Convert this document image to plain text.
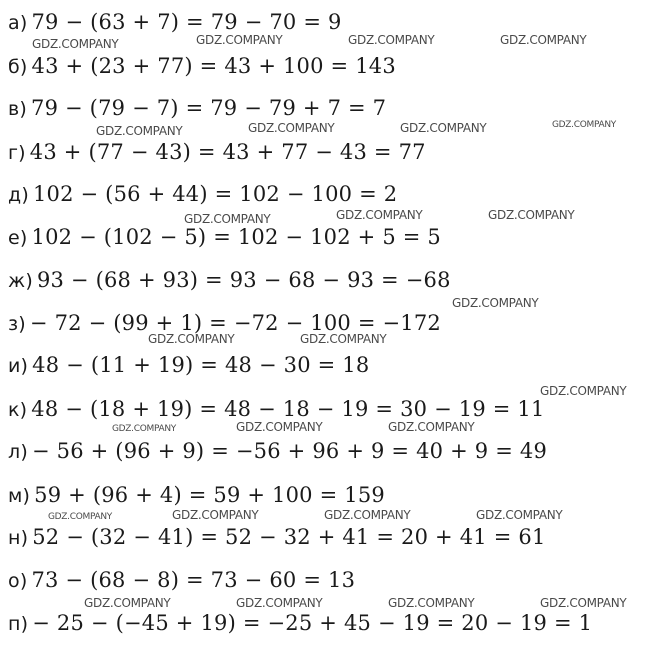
а) 79 − (63 + 7) = 79 − 70 = 9

б) 43 + (23 + 77) = 43 + 100 = 143

в) 79 − (79 − 7) = 79 − 79 + 7 = 7

г) 43 + (77 − 43) = 43 + 77 − 43 = 77

д) 102 − (56 + 44) = 102 − 100 = 2

е) 102 − (102 − 5) = 102 − 102 + 5 = 5

ж) 93 − (68 + 93) = 93 − 68 − 93 = −68

з) − 72 − (99 + 1) = −72 − 100 = −172

и) 48 − (11 + 19) = 48 − 30 = 18

к) 48 − (18 + 19) = 48 − 18 − 19 = 30 − 19 = 11

л) − 56 + (96 + 9) = −56 + 96 + 9 = 40 + 9 = 49

м) 59 + (96 + 4) = 59 + 100 = 159

н) 52 − (32 − 41) = 52 − 32 + 41 = 20 + 41 = 61

о) 73 − (68 − 8) = 73 − 60 = 13

п) − 25 − (−45 + 19) = −25 + 45 − 19 = 20 − 19 = 1

GDZ.COMPANY	GDZ.COMPANY	GDZ.COMPANY	GDZ.COMPANY

GDZ.COMPANY	GDZ.COMPANY	GDZ.COMPANY	GDZ.COMPANY

GDZ.COMPANY	GDZ.COMPANY	GDZ.COMPANY

GDZ.COMPANY

GDZ.COMPANY	GDZ.COMPANY

GDZ.COMPANY

GDZ.COMPANY	GDZ.COMPANY	GDZ.COMPANY

GDZ.COMPANY	GDZ.COMPANY	GDZ.COMPANY	GDZ.COMPANY

GDZ.COMPANY	GDZ.COMPANY	GDZ.COMPANY	GDZ.COMPANY
